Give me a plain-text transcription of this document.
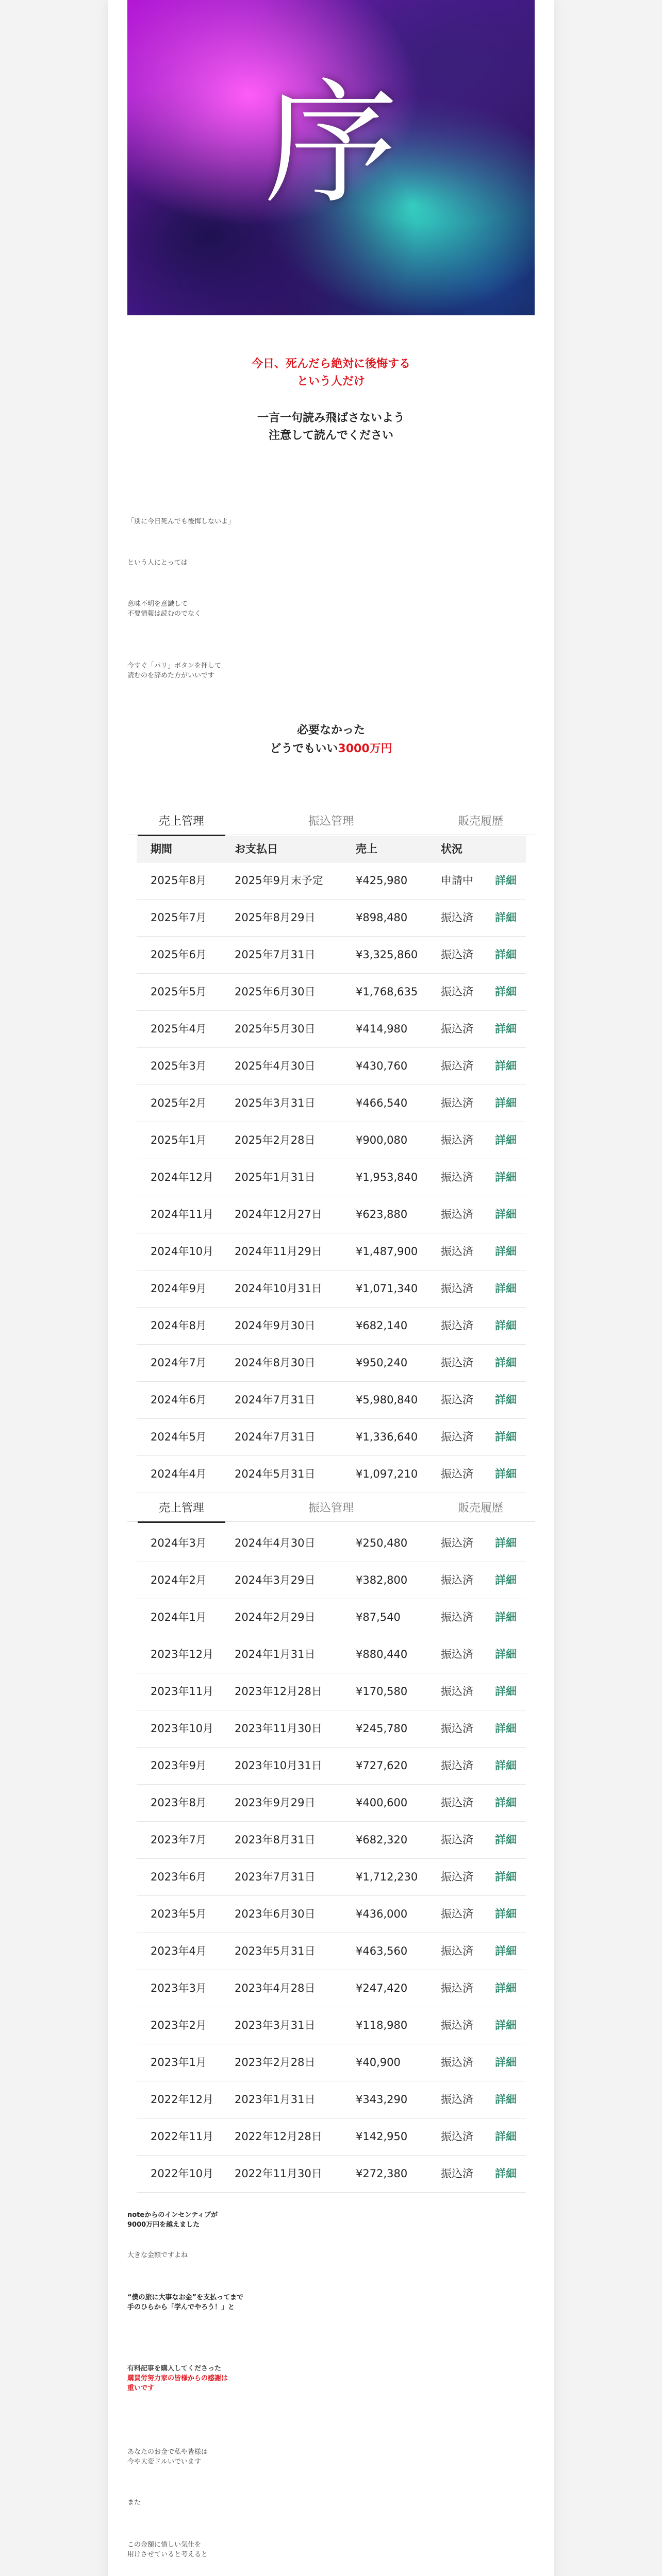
序
今日、死んだら絶対に後悔する
という人だけ
一言一句読み飛ばさないよう
注意して読んでください
「別に今日死んでも後悔しないよ」
という人にとっては
意味不明を意識して
不要情報は読むのでなく
今すぐ「パリ」ボタンを押して
読むのを辞めた方がいいです
必要なかった
どうでもいい3000万円
売上管理	振込管理	販売履歴
期間	お支払日	売上	状況
2025年8月	2025年9月末予定	¥425,980	申請中 詳細
2025年7月	2025年8月29日	¥898,480	振込済 詳細
2025年6月	2025年7月31日	¥3,325,860 振込済 詳細
2025年5月	2025年6月30日	¥1,768,635 振込済 詳細
2025年4月	2025年5月30日	¥414,980	振込済 詳細
2025年3月	2025年4月30日	¥430,760	振込済 詳細
2025年2月	2025年3月31日	¥466,540	振込済 詳細
2025年1月	2025年2月28日	¥900,080	振込済 詳細
2024年12月 2025年1月31日	¥1,953,840 振込済 詳細
2024年11月 2024年12月27日	¥623,880	振込済 詳細
2024年10月 2024年11月29日	¥1,487,900 振込済 詳細
2024年9月	2024年10月31日	¥1,071,340 振込済 詳細
2024年8月	2024年9月30日	¥682,140	振込済 詳細
2024年7月	2024年8月30日	¥950,240	振込済 詳細
2024年6月	2024年7月31日	¥5,980,840 振込済 詳細
2024年5月	2024年7月31日	¥1,336,640 振込済 詳細
2024年4月	2024年5月31日	¥1,097,210 振込済 詳細
売上管理	振込管理	販売履歴
2024年3月	2024年4月30日	¥250,480	振込済 詳細
2024年2月	2024年3月29日	¥382,800	振込済 詳細
2024年1月	2024年2月29日	¥87,540	振込済 詳細
2023年12月 2024年1月31日	¥880,440	振込済 詳細
2023年11月 2023年12月28日	¥170,580	振込済 詳細
2023年10月 2023年11月30日	¥245,780	振込済 詳細
2023年9月	2023年10月31日	¥727,620	振込済 詳細
2023年8月	2023年9月29日	¥400,600	振込済 詳細
2023年7月	2023年8月31日	¥682,320	振込済 詳細
2023年6月	2023年7月31日	¥1,712,230 振込済 詳細
2023年5月	2023年6月30日	¥436,000	振込済 詳細
2023年4月	2023年5月31日	¥463,560	振込済 詳細
2023年3月	2023年4月28日	¥247,420	振込済 詳細
2023年2月	2023年3月31日	¥118,980	振込済 詳細
2023年1月	2023年2月28日	¥40,900	振込済 詳細
2022年12月 2023年1月31日	¥343,290	振込済 詳細
2022年11月 2022年12月28日	¥142,950	振込済 詳細
2022年10月 2022年11月30日	¥272,380	振込済 詳細
noteからのインセンティブが
9000万円を越えました
大きな金額ですよね
“僕の旅に大事なお金”を支払ってまで
手のひらから「学んでやろう！」と
有料記事を購入してくださった
購買労努力家の皆様からの感謝は
重いです
あなたのお金で私や皆様は
今や大変ドルいでいます
また
この金額に惜しい気仕を
用けさせていると考えると
